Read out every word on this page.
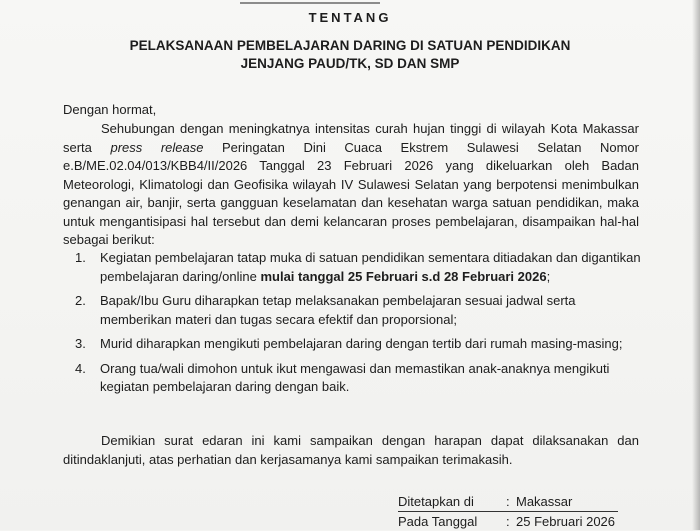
TENTANG
PELAKSANAAN PEMBELAJARAN DARING DI SATUAN PENDIDIKAN
JENJANG PAUD/TK, SD DAN SMP
Dengan hormat,
Sehubungan dengan meningkatnya intensitas curah hujan tinggi di wilayah Kota Makassar serta press release Peringatan Dini Cuaca Ekstrem Sulawesi Selatan Nomor e.B/ME.02.04/013/KBB4/II/2026 Tanggal 23 Februari 2026 yang dikeluarkan oleh Badan Meteorologi, Klimatologi dan Geofisika wilayah IV Sulawesi Selatan yang berpotensi menimbulkan genangan air, banjir, serta gangguan keselamatan dan kesehatan warga satuan pendidikan, maka untuk mengantisipasi hal tersebut dan demi kelancaran proses pembelajaran, disampaikan hal-hal sebagai berikut:
1.	Kegiatan pembelajaran tatap muka di satuan pendidikan sementara ditiadakan dan digantikan pembelajaran daring/online mulai tanggal 25 Februari s.d 28 Februari 2026;
2.	Bapak/Ibu Guru diharapkan tetap melaksanakan pembelajaran sesuai jadwal serta memberikan materi dan tugas secara efektif dan proporsional;
3.	Murid diharapkan mengikuti pembelajaran daring dengan tertib dari rumah masing-masing;
4.	Orang tua/wali dimohon untuk ikut mengawasi dan memastikan anak-anaknya mengikuti kegiatan pembelajaran daring dengan baik.
Demikian surat edaran ini kami sampaikan dengan harapan dapat dilaksanakan dan ditindaklanjuti, atas perhatian dan kerjasamanya kami sampaikan terimakasih.
Ditetapkan di	: Makassar
Pada Tanggal	: 25 Februari 2026
